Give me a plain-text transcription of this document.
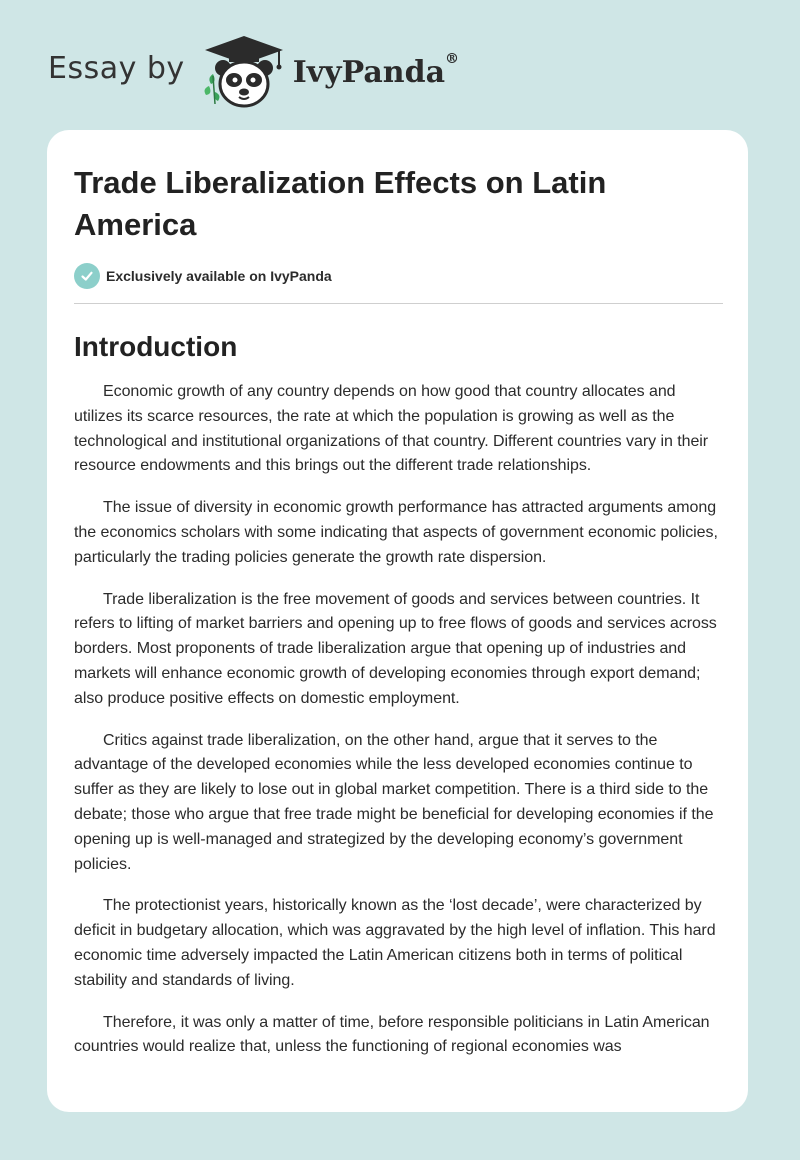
Essay by	IvyPanda®
Trade Liberalization Effects on Latin America
Exclusively available on IvyPanda
Introduction

Economic growth of any country depends on how good that country allocates and utilizes its scarce resources, the rate at which the population is growing as well as the technological and institutional organizations of that country. Different countries vary in their resource endowments and this brings out the different trade relationships.

The issue of diversity in economic growth performance has attracted arguments among the economics scholars with some indicating that aspects of government economic policies, particularly the trading policies generate the growth rate dispersion.

Trade liberalization is the free movement of goods and services between countries. It refers to lifting of market barriers and opening up to free flows of goods and services across borders. Most proponents of trade liberalization argue that opening up of industries and markets will enhance economic growth of developing economies through export demand; also produce positive effects on domestic employment.

Critics against trade liberalization, on the other hand, argue that it serves to the advantage of the developed economies while the less developed economies continue to suffer as they are likely to lose out in global market competition. There is a third side to the debate; those who argue that free trade might be beneficial for developing economies if the opening up is well-managed and strategized by the developing economy’s government policies.

The protectionist years, historically known as the ‘lost decade’, were characterized by deficit in budgetary allocation, which was aggravated by the high level of inflation. This hard economic time adversely impacted the Latin American citizens both in terms of political stability and standards of living.

Therefore, it was only a matter of time, before responsible politicians in Latin American countries would realize that, unless the functioning of regional economies was
